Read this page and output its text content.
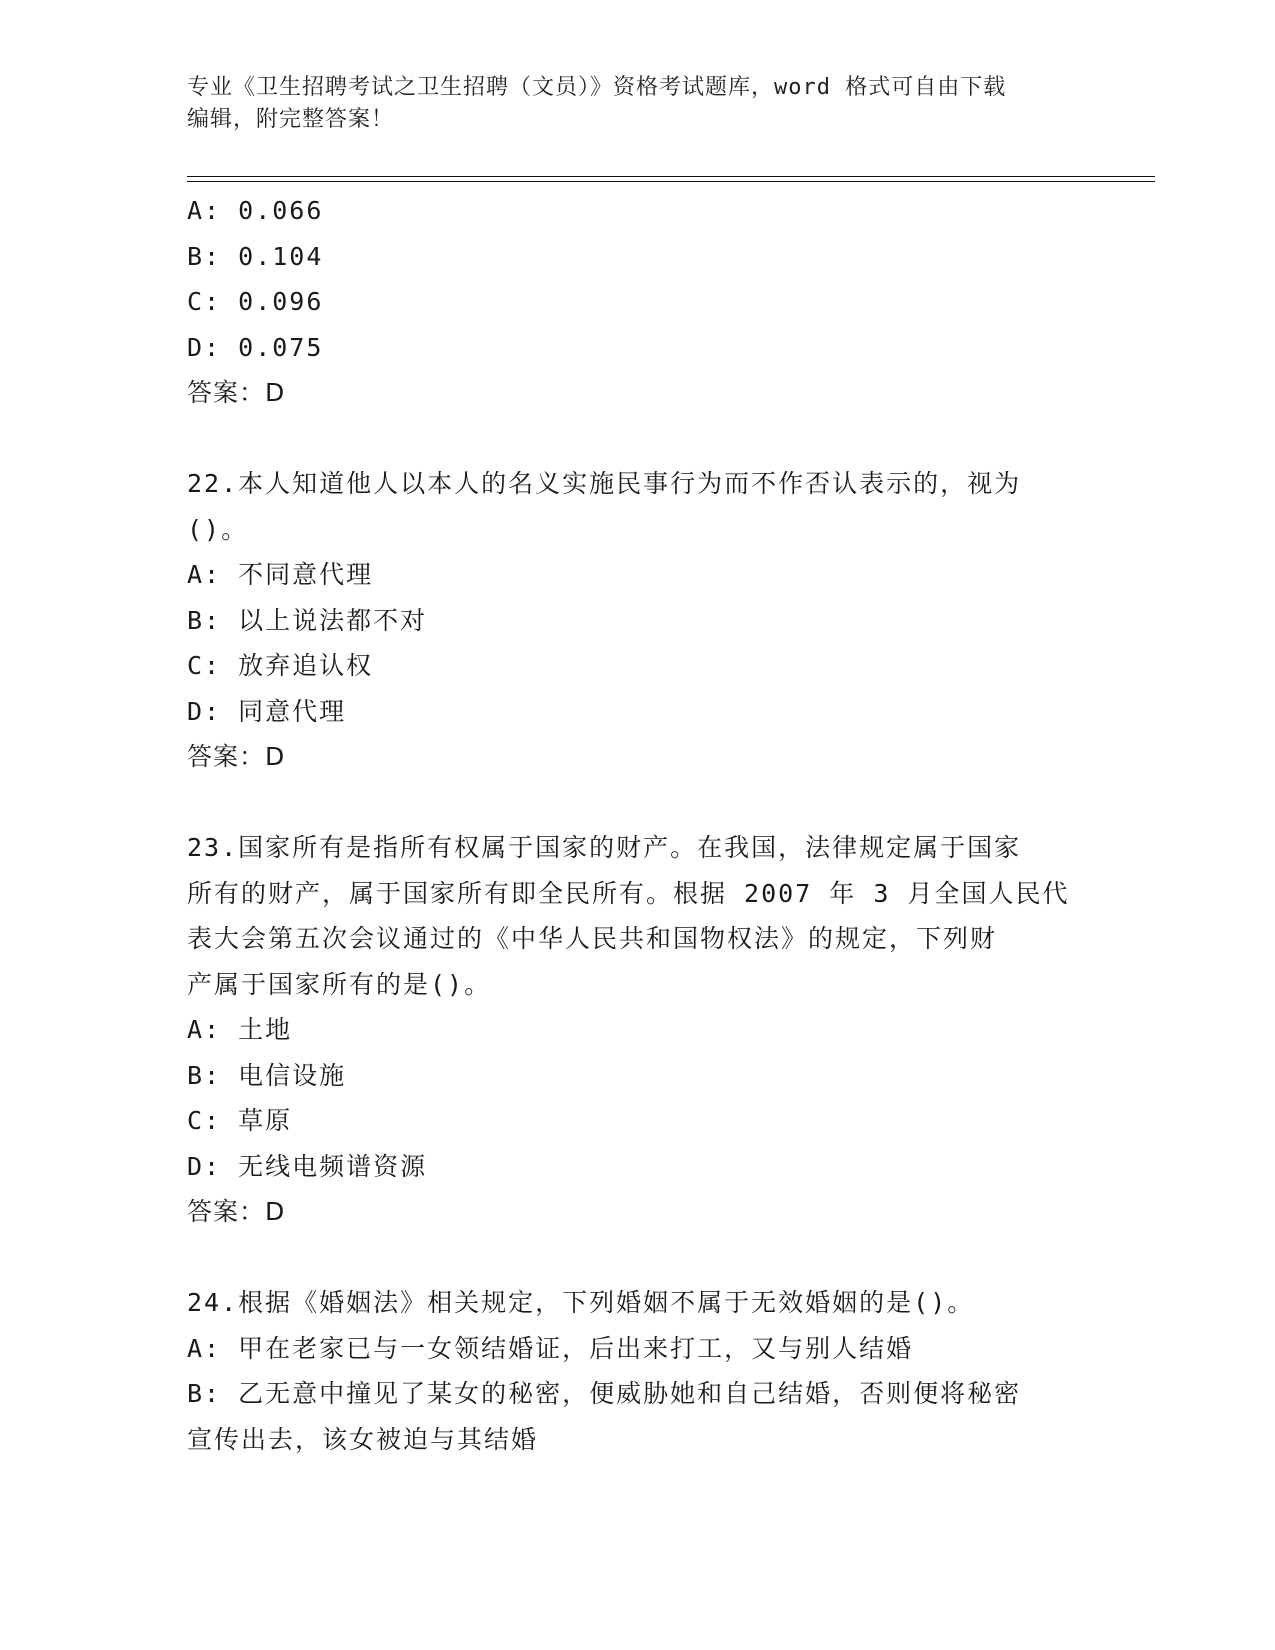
专业《卫生招聘考试之卫生招聘（文员）》资格考试题库，word 格式可自由下载
编辑，附完整答案！
A: 0.066
B: 0.104
C: 0.096
D: 0.075
答案：D
22.本人知道他人以本人的名义实施民事行为而不作否认表示的，视为
()。
A: 不同意代理
B: 以上说法都不对
C: 放弃追认权
D: 同意代理
答案：D
23.国家所有是指所有权属于国家的财产。在我国，法律规定属于国家
所有的财产，属于国家所有即全民所有。根据 2007 年 3 月全国人民代
表大会第五次会议通过的《中华人民共和国物权法》的规定，下列财
产属于国家所有的是()。
A: 土地
B: 电信设施
C: 草原
D: 无线电频谱资源
答案：D
24.根据《婚姻法》相关规定，下列婚姻不属于无效婚姻的是()。
A: 甲在老家已与一女领结婚证，后出来打工，又与别人结婚
B: 乙无意中撞见了某女的秘密，便威胁她和自己结婚，否则便将秘密
宣传出去，该女被迫与其结婚
